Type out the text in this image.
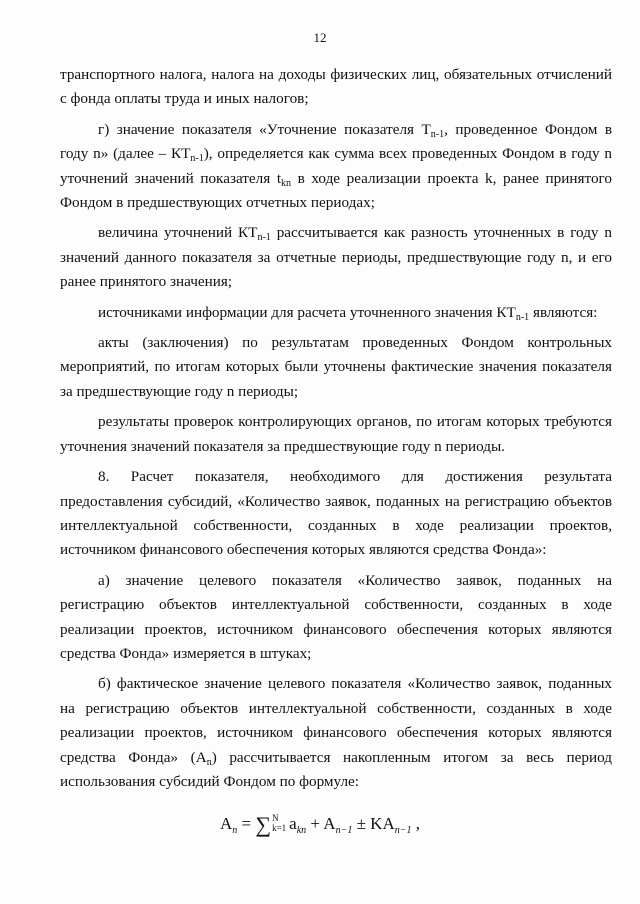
12

транспортного налога, налога на доходы физических лиц, обязательных отчислений с фонда оплаты труда и иных налогов;

г) значение показателя «Уточнение показателя $Т_{n-1}$, проведенное Фондом в году n» (далее – $КТ_{n-1}$), определяется как сумма всех проведенных Фондом в году n уточнений значений показателя $t_{kn}$ в ходе реализации проекта k, ранее принятого Фондом в предшествующих отчетных периодах;

величина уточнений $КТ_{n-1}$ рассчитывается как разность уточненных в году n значений данного показателя за отчетные периоды, предшествующие году n, и его ранее принятого значения;

источниками информации для расчета уточненного значения $КТ_{n-1}$ являются:

акты (заключения) по результатам проведенных Фондом контрольных мероприятий, по итогам которых были уточнены фактические значения показателя за предшествующие году n периоды;

результаты проверок контролирующих органов, по итогам которых требуются уточнения значений показателя за предшествующие году n периоды.

8. Расчет показателя, необходимого для достижения результата предоставления субсидий, «Количество заявок, поданных на регистрацию объектов интеллектуальной собственности, созданных в ходе реализации проектов, источником финансового обеспечения которых являются средства Фонда»:

а) значение целевого показателя «Количество заявок, поданных на регистрацию объектов интеллектуальной собственности, созданных в ходе реализации проектов, источником финансового обеспечения которых являются средства Фонда» измеряется в штуках;

б) фактическое значение целевого показателя «Количество заявок, поданных на регистрацию объектов интеллектуальной собственности, созданных в ходе реализации проектов, источником финансового обеспечения которых являются средства Фонда» $(А_n)$ рассчитывается накопленным итогом за весь период использования субсидий Фондом по формуле:

$A_n$ = ∑ N
k=1 $a_{kn} + A_{n-1} \pm KA_{n-1}$ ,
